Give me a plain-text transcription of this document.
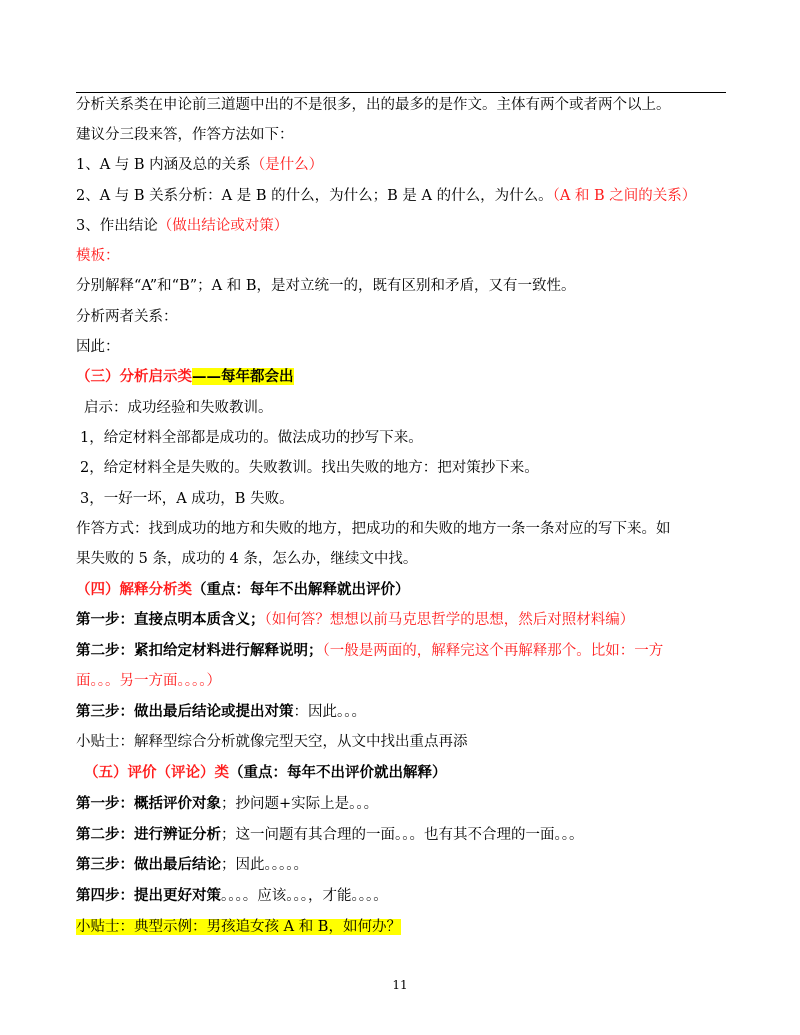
分析关系类在申论前三道题中出的不是很多，出的最多的是作文。主体有两个或者两个以上。
建议分三段来答，作答方法如下：
1、A 与 B 内涵及总的关系（是什么）
2、A 与 B 关系分析：A 是 B 的什么，为什么；B 是 A 的什么，为什么。（A 和 B 之间的关系）
3、作出结论（做出结论或对策）
模板：
分别解释“A”和“B”；A 和 B，是对立统一的，既有区别和矛盾，又有一致性。
分析两者关系：
因此：
（三）分析启示类——每年都会出
启示：成功经验和失败教训。
1，给定材料全部都是成功的。做法成功的抄写下来。
2，给定材料全是失败的。失败教训。找出失败的地方：把对策抄下来。
3，一好一坏，A 成功，B 失败。
作答方式：找到成功的地方和失败的地方，把成功的和失败的地方一条一条对应的写下来。如
果失败的 5 条，成功的 4 条，怎么办，继续文中找。
（四）解释分析类（重点：每年不出解释就出评价）
第一步：直接点明本质含义；（如何答？想想以前马克思哲学的思想，然后对照材料编）
第二步：紧扣给定材料进行解释说明；（一般是两面的，解释完这个再解释那个。比如：一方
面。。。另一方面。。。。）
第三步：做出最后结论或提出对策：因此。。。
小贴士：解释型综合分析就像完型天空，从文中找出重点再添
（五）评价（评论）类（重点：每年不出评价就出解释）
第一步：概括评价对象；抄问题+实际上是。。。
第二步：进行辨证分析；这一问题有其合理的一面。。。也有其不合理的一面。。。
第三步：做出最后结论；因此。。。。。
第四步：提出更好对策。。。。应该。。。，才能。。。。
小贴士：典型示例：男孩追女孩 A 和 B，如何办？
11
